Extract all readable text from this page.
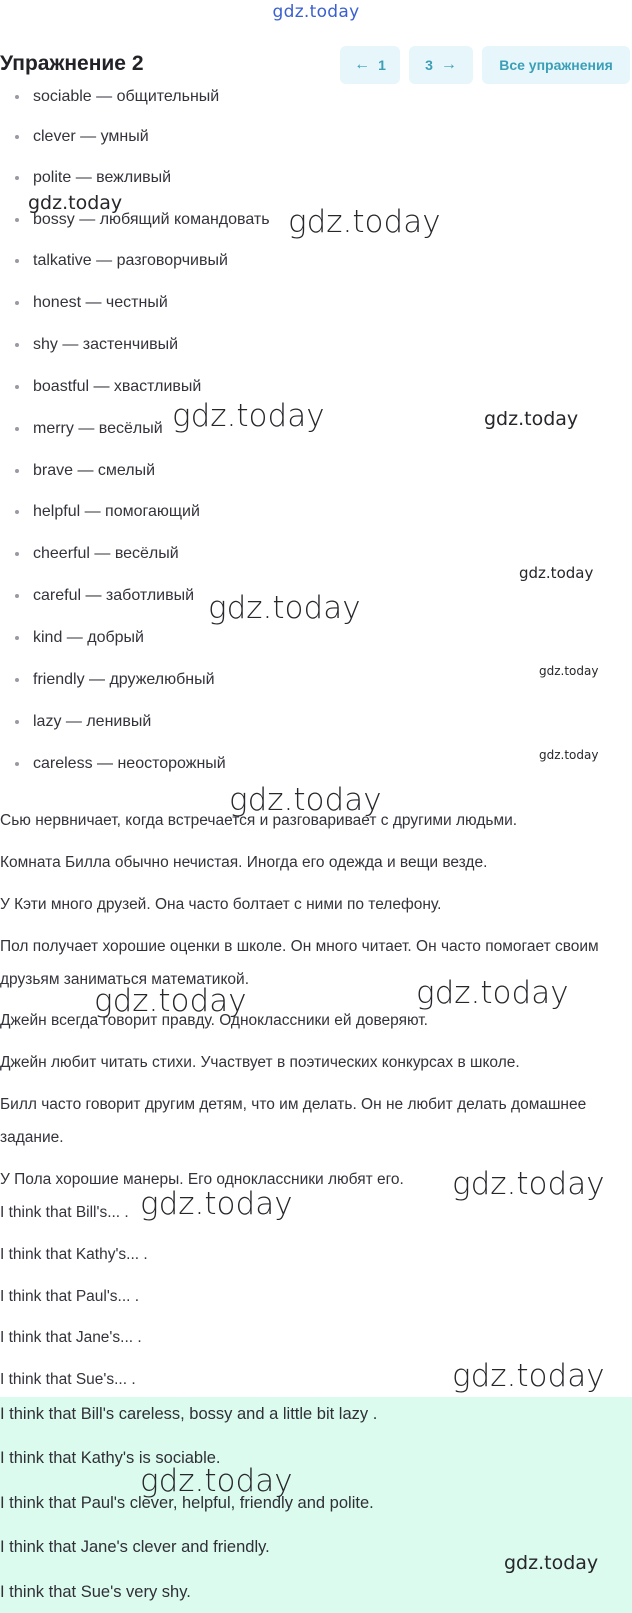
gdz.today
Упражнение 2	← 1	3 →	Все упражнения
sociable — общительный
clever — умный
polite — вежливый
bossy — любящий командовать
talkative — разговорчивый
honest — честный
shy — застенчивый
boastful — хвастливый
merry — весёлый
brave — смелый
helpful — помогающий
cheerful — весёлый
careful — заботливый
kind — добрый
friendly — дружелюбный
lazy — ленивый
careless — неосторожный

Сью нервничает, когда встречается и разговаривает с другими людьми.

Комната Билла обычно нечистая. Иногда его одежда и вещи везде.

У Кэти много друзей. Она часто болтает с ними по телефону.

Пол получает хорошие оценки в школе. Он много читает. Он часто помогает своим друзьям заниматься математикой.

Джейн всегда говорит правду. Одноклассники ей доверяют.

Джейн любит читать стихи. Участвует в поэтических конкурсах в школе.

Билл часто говорит другим детям, что им делать. Он не любит делать домашнее задание.

У Пола хорошие манеры. Его одноклассники любят его.

I think that Bill's... .

I think that Kathy's... .

I think that Paul's... .

I think that Jane's... .

I think that Sue's... .

I think that Bill's careless, bossy and a little bit lazy .

I think that Kathy's is sociable.

I think that Paul's clever, helpful, friendly and polite.

I think that Jane's clever and friendly.

I think that Sue's very shy.

gdz.today
gdz.today
gdz.today	gdz.today
gdz.today
gdz.today
gdz.today
gdz.today
gdz.today
gdz.today	gdz.today
gdz.today
gdz.today
gdz.today
gdz.today
gdz.today
